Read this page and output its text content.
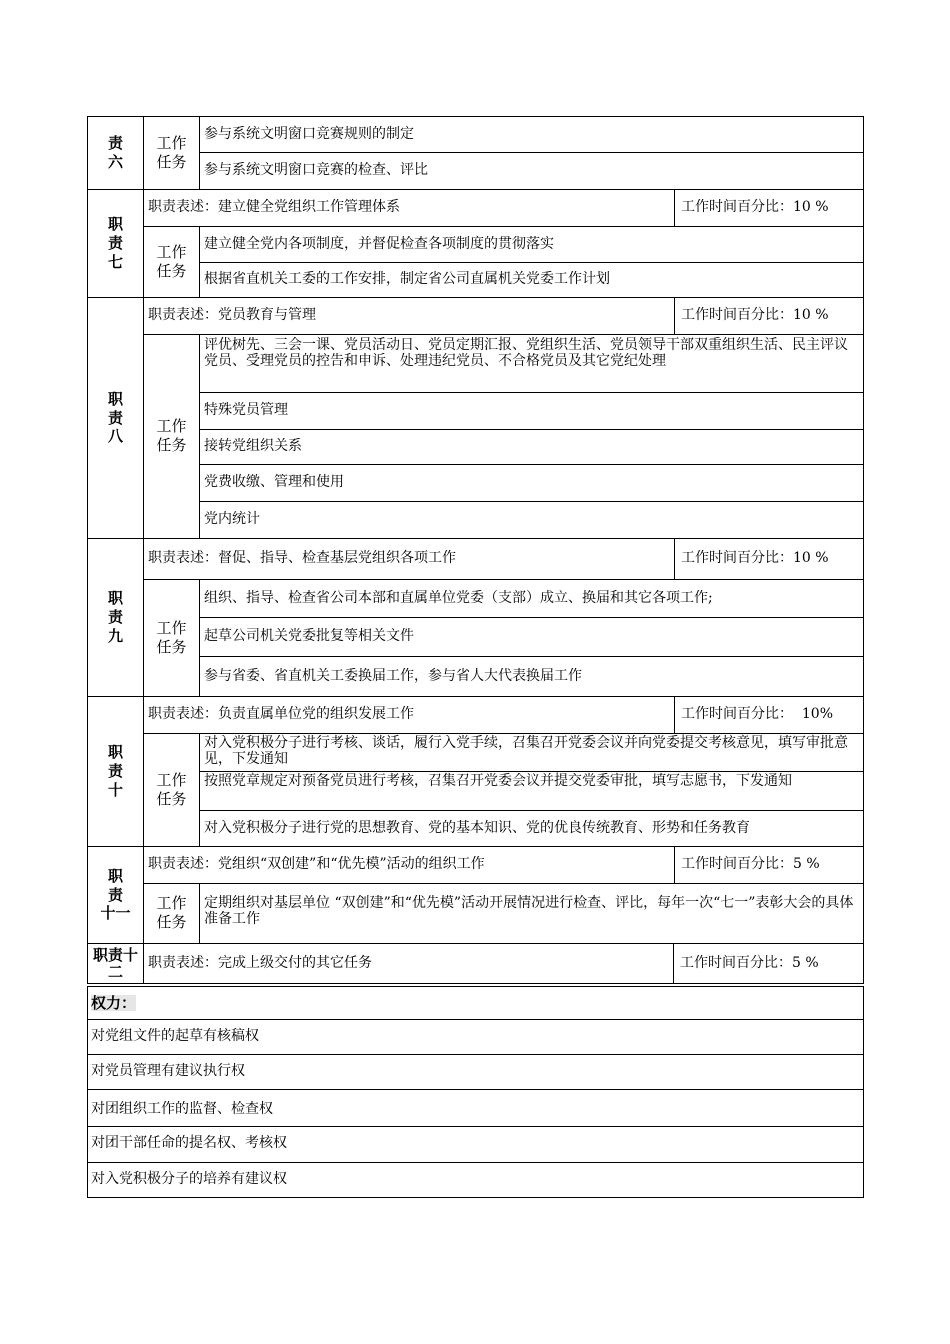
责
六
工作
任务
参与系统文明窗口竞赛规则的制定
参与系统文明窗口竞赛的检查、评比
职
责
七
职责表述：建立健全党组织工作管理体系	工作时间百分比：10 %
工作
任务
建立健全党内各项制度，并督促检查各项制度的贯彻落实
根据省直机关工委的工作安排，制定省公司直属机关党委工作计划
职
责
八
职责表述：党员教育与管理	工作时间百分比：10 %
工作
任务
评优树先、三会一课、党员活动日、党员定期汇报、党组织生活、党员领导干部双重组织生活、民主评议党员、受理党员的控告和申诉、处理违纪党员、不合格党员及其它党纪处理
特殊党员管理
接转党组织关系
党费收缴、管理和使用
党内统计
职
责
九
职责表述：督促、指导、检查基层党组织各项工作	工作时间百分比：10 %
工作
任务
组织、指导、检查省公司本部和直属单位党委（支部）成立、换届和其它各项工作;
起草公司机关党委批复等相关文件
参与省委、省直机关工委换届工作，参与省人大代表换届工作
职
责
十
职责表述：负责直属单位党的组织发展工作	工作时间百分比：  10%
工作
任务
对入党积极分子进行考核、谈话，履行入党手续，召集召开党委会议并向党委提交考核意见，填写审批意见，下发通知
按照党章规定对预备党员进行考核，召集召开党委会议并提交党委审批，填写志愿书，下发通知
对入党积极分子进行党的思想教育、党的基本知识、党的优良传统教育、形势和任务教育
职
责
十一
职责表述：党组织“双创建”和“优先模”活动的组织工作	工作时间百分比：5 %
工作
任务
定期组织对基层单位 “双创建”和“优先模”活动开展情况进行检查、评比，每年一次“七一”表彰大会的具体准备工作
职责十
二 职责表述：完成上级交付的其它任务	工作时间百分比：5 %
权力：
对党组文件的起草有核稿权
对党员管理有建议执行权
对团组织工作的监督、检查权
对团干部任命的提名权、考核权
对入党积极分子的培养有建议权
